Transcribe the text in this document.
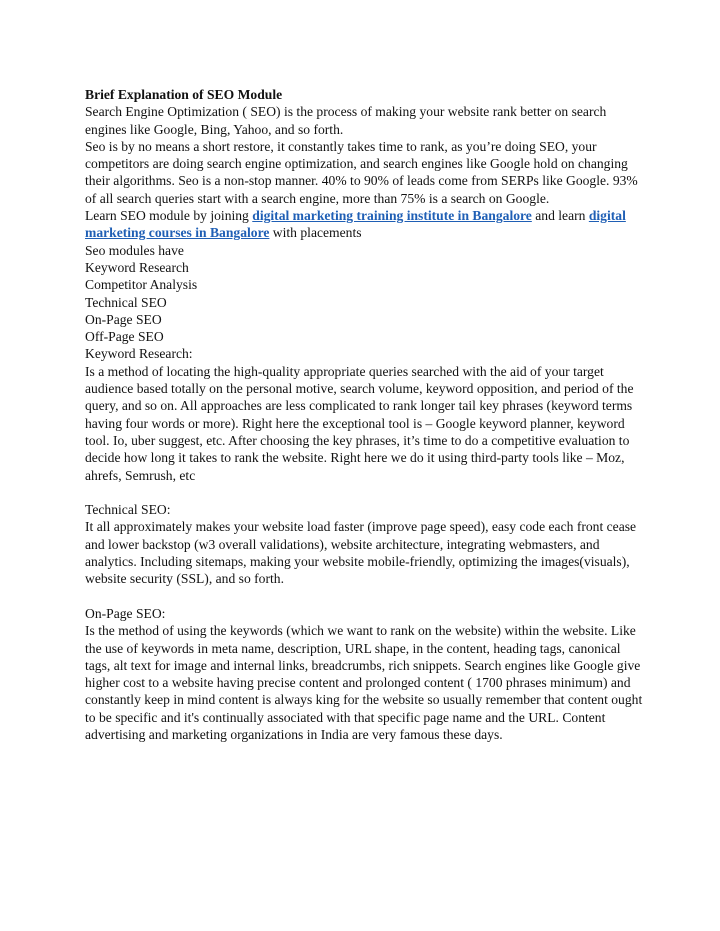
Brief Explanation of SEO Module
Search Engine Optimization ( SEO) is the process of making your website rank better on search engines like Google, Bing, Yahoo, and so forth.
Seo is by no means a short restore, it constantly takes time to rank, as you’re doing SEO, your competitors are doing search engine optimization, and search engines like Google hold on changing their algorithms. Seo is a non-stop manner. 40% to 90% of leads come from SERPs like Google. 93% of all search queries start with a search engine, more than 75% is a search on Google.
Learn SEO module by joining digital marketing training institute in Bangalore and learn digital marketing courses in Bangalore with placements
Seo modules have
Keyword Research
Competitor Analysis
Technical SEO
On-Page SEO
Off-Page SEO
Keyword Research:
Is a method of locating the high-quality appropriate queries searched with the aid of your target audience based totally on the personal motive, search volume, keyword opposition, and period of the query, and so on. All approaches are less complicated to rank longer tail key phrases (keyword terms having four words or more). Right here the exceptional tool is – Google keyword planner, keyword tool. Io, uber suggest, etc. After choosing the key phrases, it’s time to do a competitive evaluation to decide how long it takes to rank the website. Right here we do it using third-party tools like – Moz, ahrefs, Semrush, etc
Technical SEO:
It all approximately makes your website load faster (improve page speed), easy code each front cease and lower backstop (w3 overall validations), website architecture, integrating webmasters, and analytics. Including sitemaps, making your website mobile-friendly, optimizing the images(visuals), website security (SSL), and so forth.
On-Page SEO:
Is the method of using the keywords (which we want to rank on the website) within the website. Like the use of keywords in meta name, description, URL shape, in the content, heading tags, canonical tags, alt text for image and internal links, breadcrumbs, rich snippets. Search engines like Google give higher cost to a website having precise content and prolonged content ( 1700 phrases minimum) and constantly keep in mind content is always king for the website so usually remember that content ought to be specific and it's continually associated with that specific page name and the URL. Content advertising and marketing organizations in India are very famous these days.
